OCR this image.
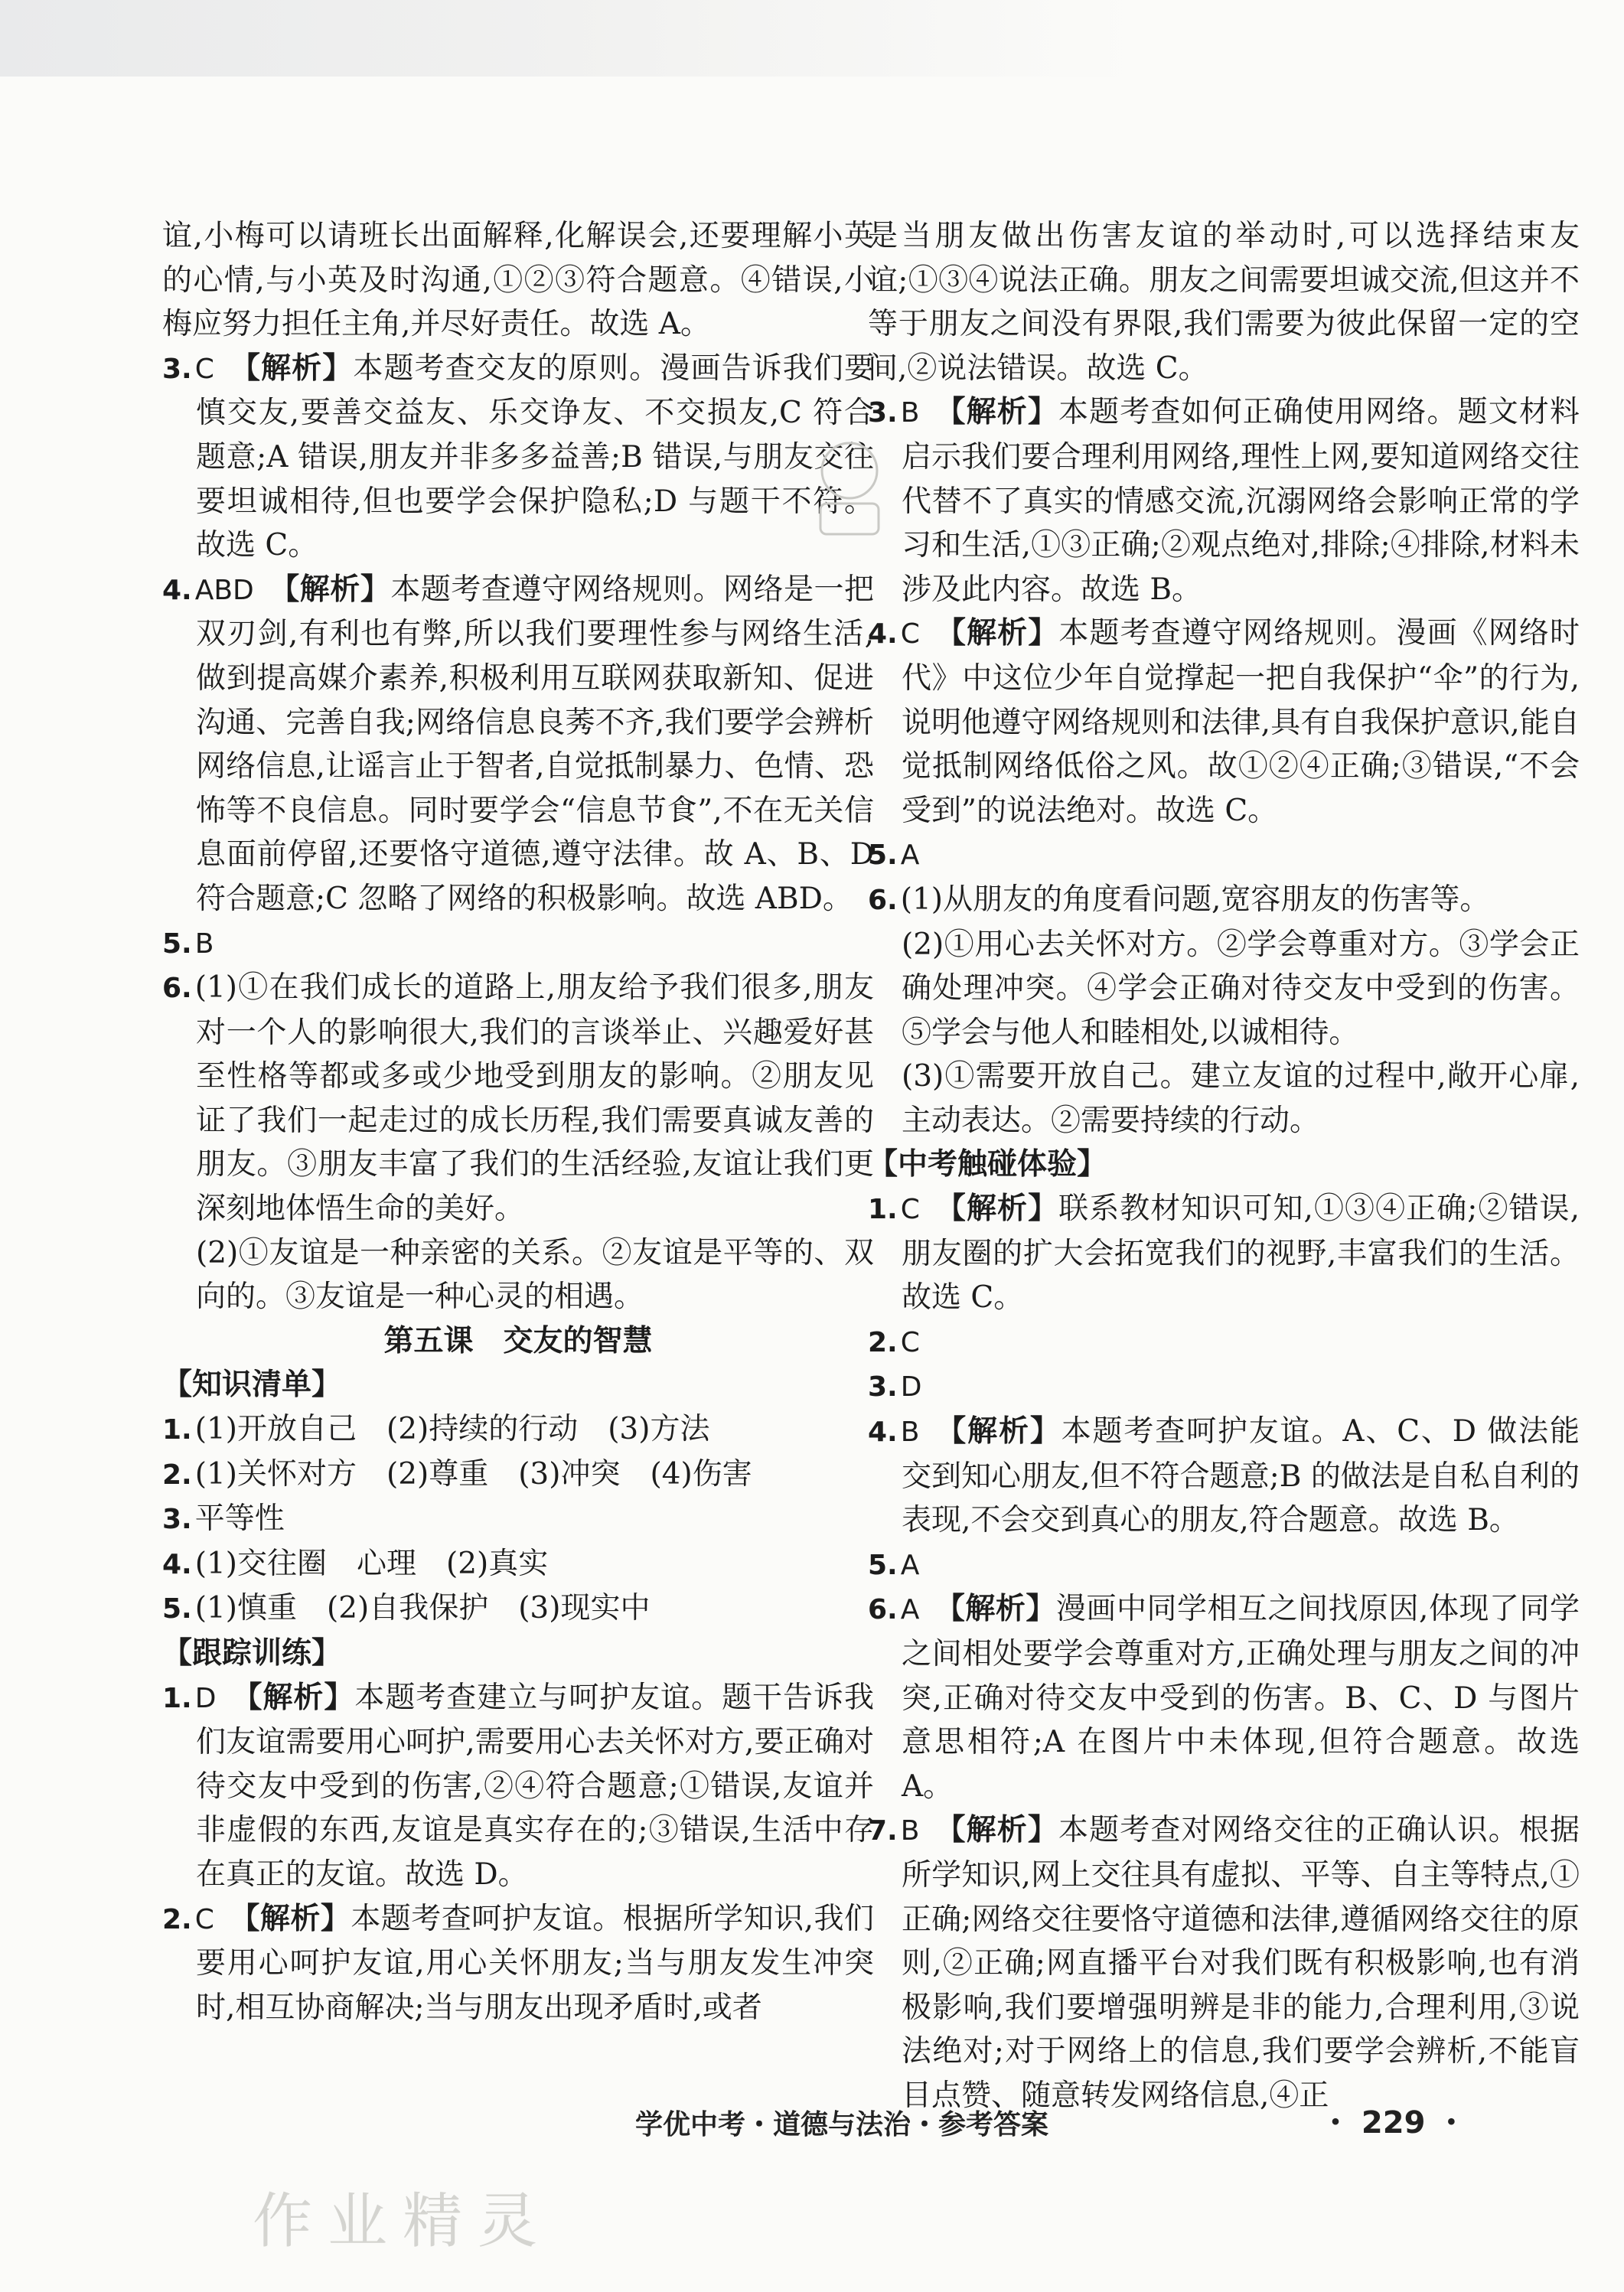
谊,小梅可以请班长出面解释,化解误会,还要理解小英的心情,与小英及时沟通,①②③符合题意。④错误,小梅应努力担任主角,并尽好责任。故选 A。

3. C 【解析】本题考查交友的原则。漫画告诉我们要慎交友,要善交益友、乐交诤友、不交损友,C 符合题意;A 错误,朋友并非多多益善;B 错误,与朋友交往要坦诚相待,但也要学会保护隐私;D 与题干不符。故选 C。

4. ABD 【解析】本题考查遵守网络规则。网络是一把双刃剑,有利也有弊,所以我们要理性参与网络生活,做到提高媒介素养,积极利用互联网获取新知、促进沟通、完善自我;网络信息良莠不齐,我们要学会辨析网络信息,让谣言止于智者,自觉抵制暴力、色情、恐怖等不良信息。同时要学会“信息节食”,不在无关信息面前停留,还要恪守道德,遵守法律。故 A、B、D 符合题意;C 忽略了网络的积极影响。故选 ABD。

5. B

6. (1)①在我们成长的道路上,朋友给予我们很多,朋友对一个人的影响很大,我们的言谈举止、兴趣爱好甚至性格等都或多或少地受到朋友的影响。②朋友见证了我们一起走过的成长历程,我们需要真诚友善的朋友。③朋友丰富了我们的生活经验,友谊让我们更深刻地体悟生命的美好。

(2)①友谊是一种亲密的关系。②友谊是平等的、双向的。③友谊是一种心灵的相遇。

第五课　交友的智慧

【知识清单】

1. (1)开放自己　(2)持续的行动　(3)方法

2. (1)关怀对方　(2)尊重　(3)冲突　(4)伤害

3. 平等性

4. (1)交往圈　心理　(2)真实

5. (1)慎重　(2)自我保护　(3)现实中

【跟踪训练】

1. D 【解析】本题考查建立与呵护友谊。题干告诉我们友谊需要用心呵护,需要用心去关怀对方,要正确对待交友中受到的伤害,②④符合题意;①错误,友谊并非虚假的东西,友谊是真实存在的;③错误,生活中存在真正的友谊。故选 D。

2. C 【解析】本题考查呵护友谊。根据所学知识,我们要用心呵护友谊,用心关怀朋友;当与朋友发生冲突时,相互协商解决;当与朋友出现矛盾时,或者

是当朋友做出伤害友谊的举动时,可以选择结束友谊;①③④说法正确。朋友之间需要坦诚交流,但这并不等于朋友之间没有界限,我们需要为彼此保留一定的空间,②说法错误。故选 C。

3. B 【解析】本题考查如何正确使用网络。题文材料启示我们要合理利用网络,理性上网,要知道网络交往代替不了真实的情感交流,沉溺网络会影响正常的学习和生活,①③正确;②观点绝对,排除;④排除,材料未涉及此内容。故选 B。

4. C 【解析】本题考查遵守网络规则。漫画《网络时代》中这位少年自觉撑起一把自我保护“伞”的行为,说明他遵守网络规则和法律,具有自我保护意识,能自觉抵制网络低俗之风。故①②④正确;③错误,“不会受到”的说法绝对。故选 C。

5. A

6. (1)从朋友的角度看问题,宽容朋友的伤害等。

(2)①用心去关怀对方。②学会尊重对方。③学会正确处理冲突。④学会正确对待交友中受到的伤害。⑤学会与他人和睦相处,以诚相待。

(3)①需要开放自己。建立友谊的过程中,敞开心扉,主动表达。②需要持续的行动。

【中考触碰体验】

1. C 【解析】联系教材知识可知,①③④正确;②错误,朋友圈的扩大会拓宽我们的视野,丰富我们的生活。故选 C。

2. C

3. D

4. B 【解析】本题考查呵护友谊。A、C、D 做法能交到知心朋友,但不符合题意;B 的做法是自私自利的表现,不会交到真心的朋友,符合题意。故选 B。

5. A

6. A 【解析】漫画中同学相互之间找原因,体现了同学之间相处要学会尊重对方,正确处理与朋友之间的冲突,正确对待交友中受到的伤害。B、C、D 与图片意思相符;A 在图片中未体现,但符合题意。故选 A。

7. B 【解析】本题考查对网络交往的正确认识。根据所学知识,网上交往具有虚拟、平等、自主等特点,①正确;网络交往要恪守道德和法律,遵循网络交往的原则,②正确;网直播平台对我们既有积极影响,也有消极影响,我们要增强明辨是非的能力,合理利用,③说法绝对;对于网络上的信息,我们要学会辨析,不能盲目点赞、随意转发网络信息,④正

学优中考・道德与法治・参考答案	・ 229 ・
作业精灵
